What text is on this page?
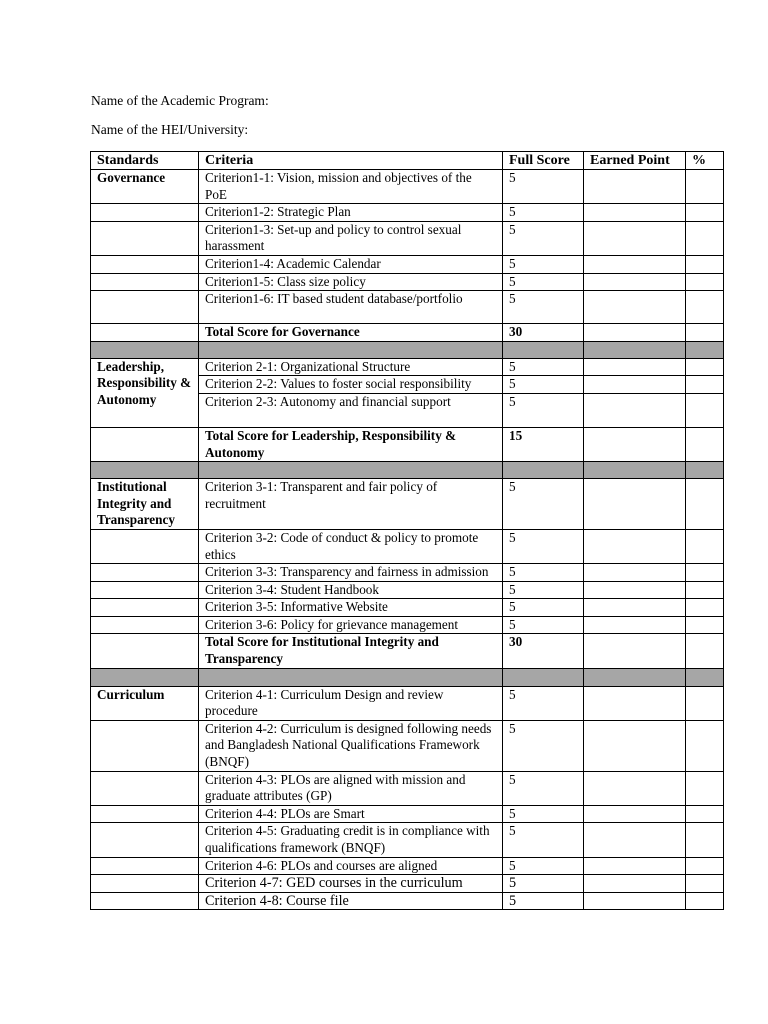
Name of the Academic Program:
Name of the HEI/University:
Standards	Criteria	Full Score	Earned Point	%
Governance	Criterion1-1: Vision, mission and objectives of the PoE	5		
	Criterion1-2: Strategic Plan	5		
	Criterion1-3: Set-up and policy to control sexual harassment	5		
	Criterion1-4: Academic Calendar	5		
	Criterion1-5: Class size policy	5		
	Criterion1-6: IT based student database/portfolio	5		
	Total Score for Governance	30		

Leadership, Responsibility & Autonomy	Criterion 2-1: Organizational Structure	5		
	Criterion 2-2: Values to foster social responsibility	5		
	Criterion 2-3: Autonomy and financial support	5		
	Total Score for Leadership, Responsibility & Autonomy	15		

Institutional Integrity and Transparency	Criterion 3-1: Transparent and fair policy of recruitment	5		
	Criterion 3-2: Code of conduct & policy to promote ethics	5		
	Criterion 3-3: Transparency and fairness in admission	5		
	Criterion 3-4: Student Handbook	5		
	Criterion 3-5: Informative Website	5		
	Criterion 3-6: Policy for grievance management	5		
	Total Score for Institutional Integrity and Transparency	30		

Curriculum	Criterion 4-1: Curriculum Design and review procedure	5		
	Criterion 4-2: Curriculum is designed following needs and Bangladesh National Qualifications Framework (BNQF)	5		
	Criterion 4-3: PLOs are aligned with mission and graduate attributes (GP)	5		
	Criterion 4-4: PLOs are Smart	5		
	Criterion 4-5: Graduating credit is in compliance with qualifications framework (BNQF)	5		
	Criterion 4-6: PLOs and courses are aligned	5		
	Criterion 4-7: GED courses in the curriculum	5		
	Criterion 4-8: Course file	5		
